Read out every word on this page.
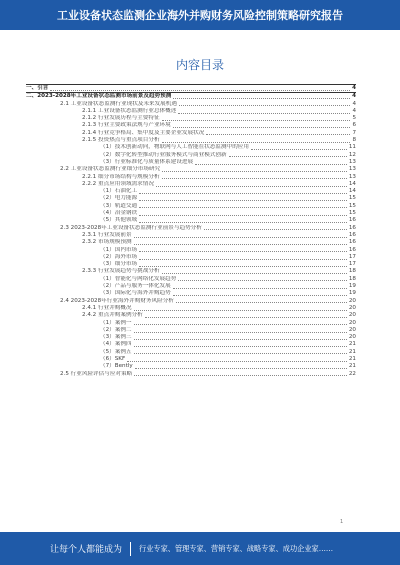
工业设备状态监测企业海外并购财务风险控制策略研究报告
内容目录
一、引言	4
二、2023-2028年工业设备状态监测市场前景及趋势预测	4
2.1 工业设备状态监测行业现状及未来发展机遇	4
2.1.1 工业设备状态监测行业总体概述	4
2.1.2 行业发展历程与主要特征	5
2.1.3 行业主要政策法规与产业环境	6
2.1.4 行业竞争格局、集中度及主要企业发展状况	7
2.1.5 投资热点与重点项目分析	8
（1）技术创新动向，物联网与人工智能在状态监测中的应用	11
（2）数字化转型推动行业服务模式与商业模式创新	12
（3）行业标准化与质量体系建设进展	13
2.2 工业设备状态监测行业细分市场研究	13
2.2.1 细分市场结构与规模分析	13
2.2.2 重点应用领域需求情况	14
（1）石油化工	14
（2）电力能源	15
（3）轨道交通	15
（4）冶金钢铁	15
（5）其他领域	16
2.3 2023-2028年工业设备状态监测行业前景与趋势分析	16
2.3.1 行业发展前景	16
2.3.2 市场规模预测	16
（1）国内市场	16
（2）海外市场	17
（3）细分市场	17
2.3.3 行业发展趋势与挑战分析	18
（1）智能化与网络化发展趋势	18
（2）产品与服务一体化发展	19
（3）国际化与海外并购趋势	19
2.4 2023-2028年行业海外并购财务风险分析	20
2.4.1 行业并购概况	20
2.4.2 重点并购案例分析	20
（1）案例一	20
（2）案例二	20
（3）案例三	20
（4）案例四	21
（5）案例五	21
（6）SKF	21
（7）Bently	21
2.5 行业风险评估与应对策略	22
1
让每个人都能成为 行业专家、管理专家、营销专家、战略专家、成功企业家……
